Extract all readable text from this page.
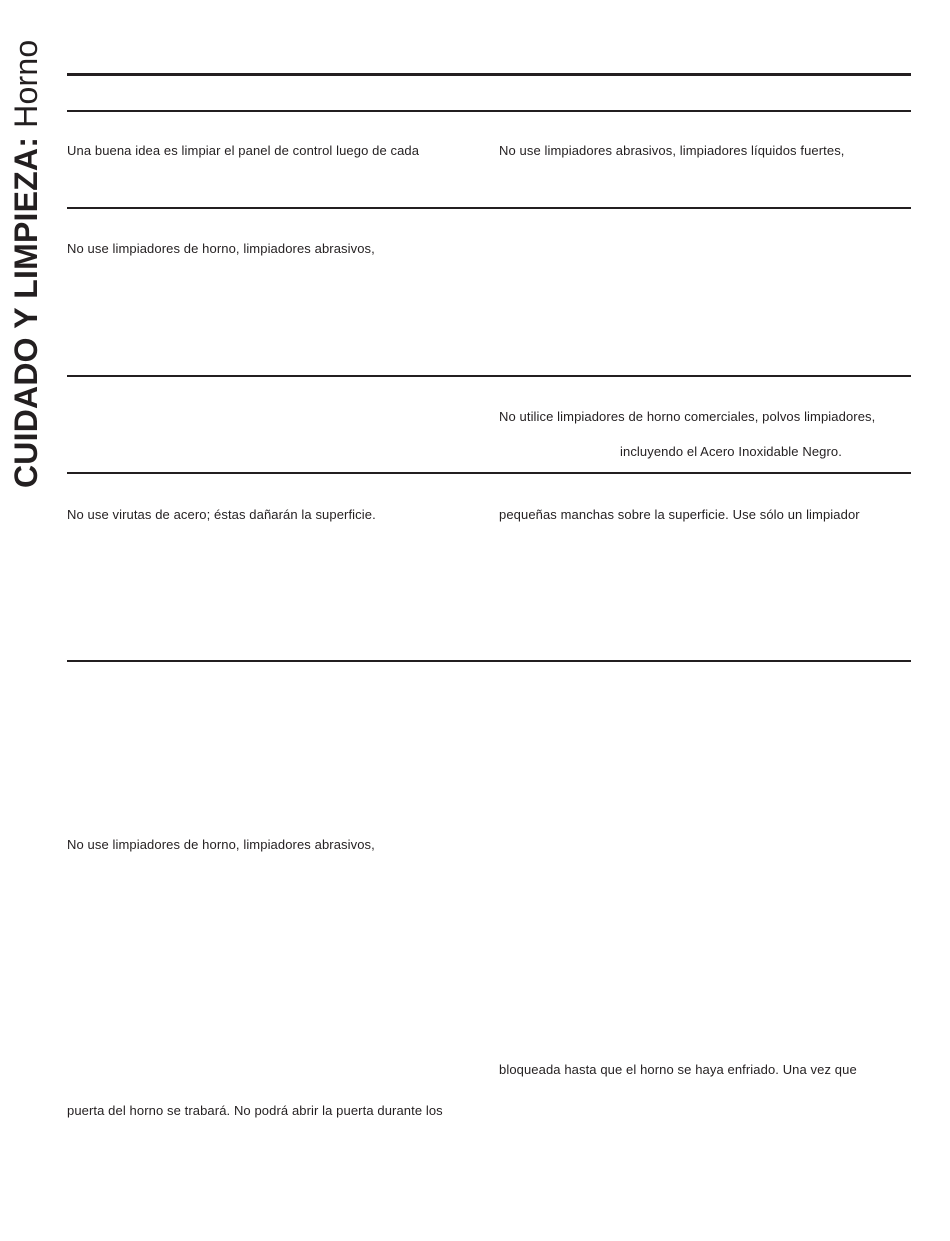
CUIDADO Y LIMPIEZA: Horno
Una buena idea es limpiar el panel de control luego de cada	No use limpiadores abrasivos, limpiadores líquidos fuertes,
No use limpiadores de horno, limpiadores abrasivos,
No utilice limpiadores de horno comerciales, polvos limpiadores,
incluyendo el Acero Inoxidable Negro.
No use virutas de acero; éstas dañarán la superficie.	pequeñas manchas sobre la superficie. Use sólo un limpiador
No use limpiadores de horno, limpiadores abrasivos,
bloqueada hasta que el horno se haya enfriado. Una vez que
puerta del horno se trabará. No podrá abrir la puerta durante los
